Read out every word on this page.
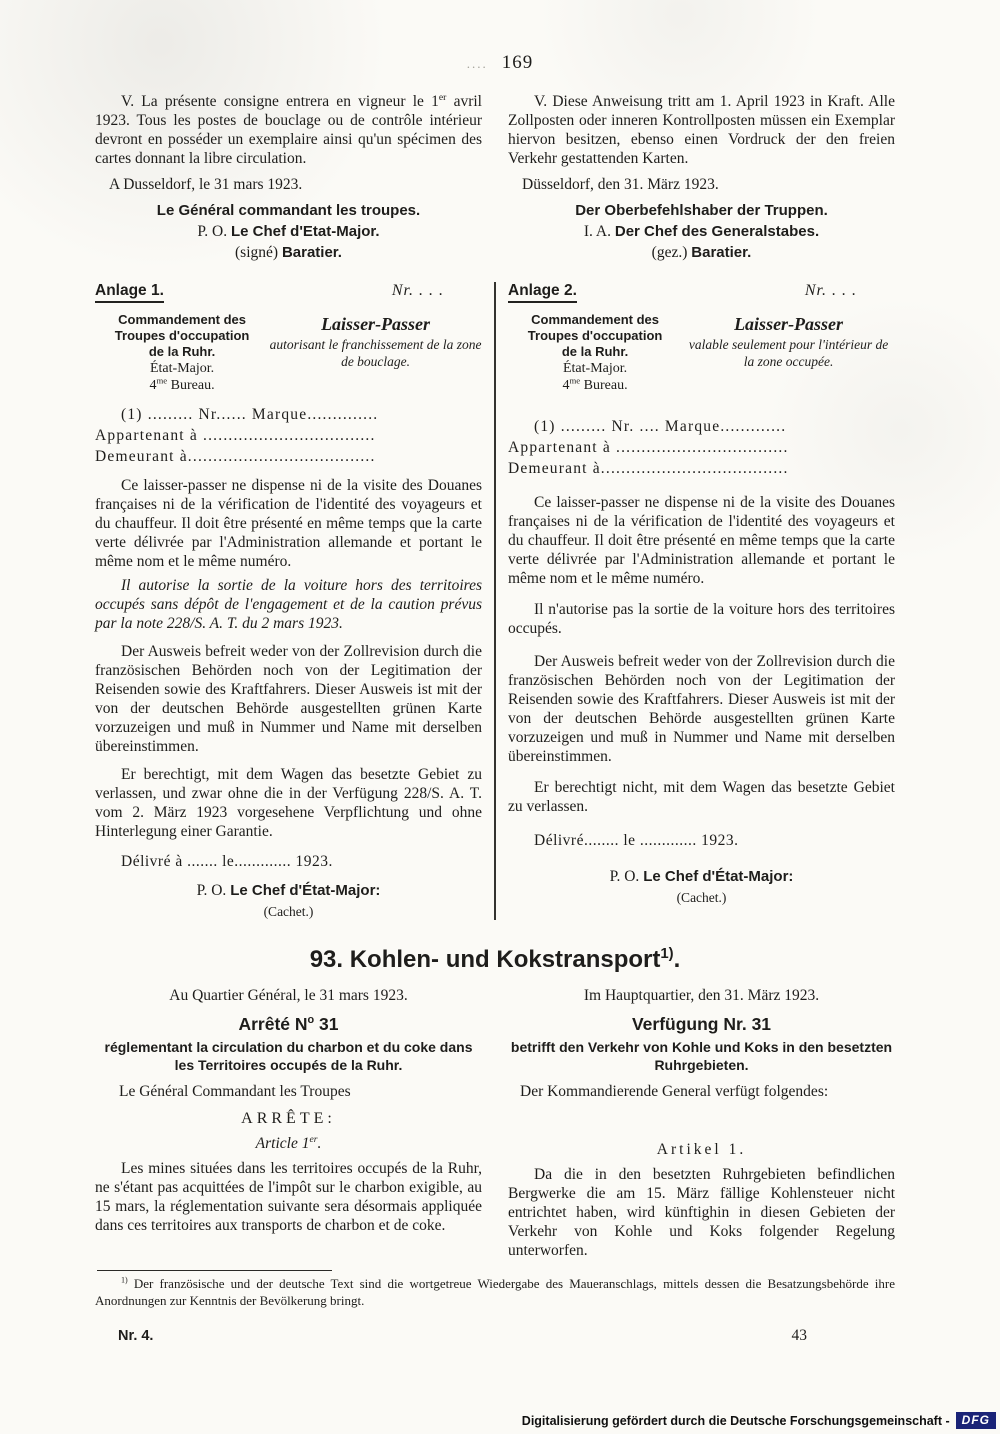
.... 169

V. La présente consigne entrera en vigneur le 1er avril 1923. Tous les postes de bouclage ou de contrôle intérieur devront en posséder un exemplaire ainsi qu'un spécimen des cartes donnant la libre circulation.

A Dusseldorf, le 31 mars 1923.
Le Général commandant les troupes.
P. O. Le Chef d'Etat-Major.
(signé) Baratier.

V. Diese Anweisung tritt am 1. April 1923 in Kraft. Alle Zollposten oder inneren Kontrollposten müssen ein Exemplar hiervon besitzen, ebenso einen Vordruck der den freien Verkehr gestattenden Karten.

Düsseldorf, den 31. März 1923.
Der Oberbefehlshaber der Truppen.
I. A. Der Chef des Generalstabes.
(gez.) Baratier.
Anlage 1.	Nr. . . .
Commandement des
Troupes d'occupation
de la Ruhr.
État-Major.
$4^{me}$ Bureau.
Laisser-Passer
autorisant le franchissement de la zone de bouclage.
(1) ......... Nr...... Marque..............
Appartenant à ..................................
Demeurant à.....................................

Ce laisser-passer ne dispense ni de la visite des Douanes françaises ni de la vérification de l'identité des voyageurs et du chauffeur. Il doit être présenté en même temps que la carte verte délivrée par l'Administration allemande et portant le même nom et le même numéro.

Il autorise la sortie de la voiture hors des territoires occupés sans dépôt de l'engagement et de la caution prévus par la note 228/S. A. T. du 2 mars 1923.

Der Ausweis befreit weder von der Zollrevision durch die französischen Behörden noch von der Legitimation der Reisenden sowie des Kraftfahrers. Dieser Ausweis ist mit der von der deutschen Behörde ausgestellten grünen Karte vorzuzeigen und muß in Nummer und Name mit derselben übereinstimmen.

Er berechtigt, mit dem Wagen das besetzte Gebiet zu verlassen, und zwar ohne die in der Verfügung 228/S. A. T. vom 2. März 1923 vorgesehene Verpflichtung und ohne Hinterlegung einer Garantie.

Délivré à ....... le............. 1923.
P. O. Le Chef d'État-Major:
(Cachet.)
Anlage 2.	Nr. . . .
Commandement des
Troupes d'occupation
de la Ruhr.
État-Major.
$4^{me}$ Bureau.
Laisser-Passer
valable seulement pour l'intérieur de la zone occupée.
(1) ......... Nr. .... Marque.............
Appartenant à ..................................
Demeurant à.....................................

Ce laisser-passer ne dispense ni de la visite des Douanes françaises ni de la vérification de l'identité des voyageurs et du chauffeur. Il doit être présenté en même temps que la carte verte délivrée par l'Administration allemande et portant le même nom et le même numéro.

Il n'autorise pas la sortie de la voiture hors des territoires occupés.

Der Ausweis befreit weder von der Zollrevision durch die französischen Behörden noch von der Legitimation der Reisenden sowie des Kraftfahrers. Dieser Ausweis ist mit der von der deutschen Behörde ausgestellten grünen Karte vorzuzeigen und muß in Nummer und Name mit derselben übereinstimmen.

Er berechtigt nicht, mit dem Wagen das besetzte Gebiet zu verlassen.

Délivré........ le ............. 1923.
P. O. Le Chef d'État-Major:
(Cachet.)
93. Kohlen- und Kokstransport$^{1)}$.
Au Quartier Général, le 31 mars 1923.
Arrêté $N^o$ 31
réglementant la circulation du charbon et du coke dans les Territoires occupés de la Ruhr.
Le Général Commandant les Troupes
ARRÊTE:
Article 1er.

Les mines situées dans les territoires occupés de la Ruhr, ne s'étant pas acquittées de l'impôt sur le charbon exigible, au 15 mars, la réglementation suivante sera désormais appliquée dans ces territoires aux transports de charbon et de coke.

Im Hauptquartier, den 31. März 1923.
Verfügung Nr. 31
betrifft den Verkehr von Kohle und Koks in den besetzten Ruhrgebieten.
Der Kommandierende General verfügt folgendes:
Artikel 1.

Da die in den besetzten Ruhrgebieten befindlichen Bergwerke die am 15. März fällige Kohlensteuer nicht entrichtet haben, wird künftighin in diesen Gebieten der Verkehr von Kohle und Koks folgender Regelung unterworfen.

$^{1)}$ Der französische und der deutsche Text sind die wortgetreue Wiedergabe des Maueranschlags, mittels dessen die Besatzungsbehörde ihre Anordnungen zur Kenntnis der Bevölkerung bringt.

Nr. 4.	43
Digitalisierung gefördert durch die Deutsche Forschungsgemeinschaft -	DFG
